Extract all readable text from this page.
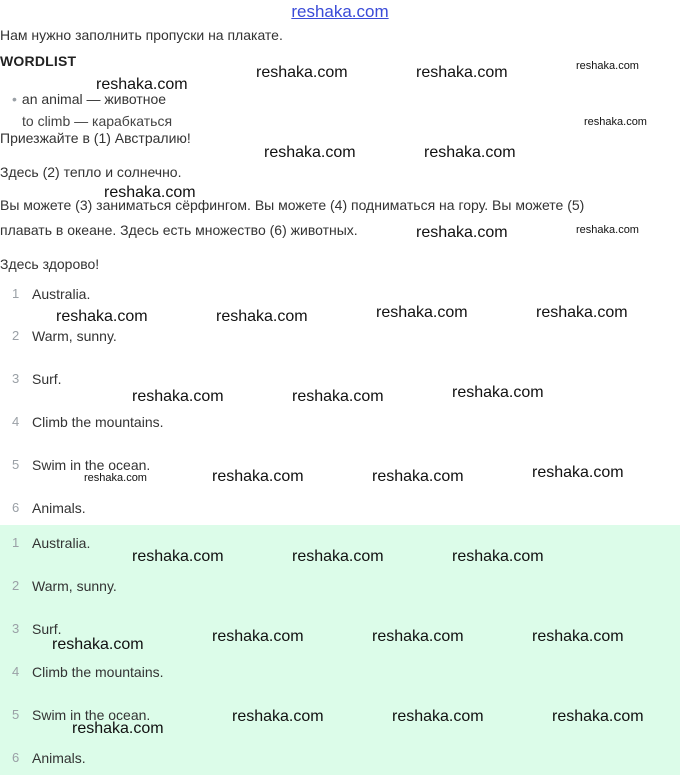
reshaka.com
Нам нужно заполнить пропуски на плакате.
WORDLIST
• an animal — животное
to climb — карабкаться
Приезжайте в (1) Австралию!
Здесь (2) тепло и солнечно.
Вы можете (3) заниматься сёрфингом. Вы можете (4) подниматься на гору. Вы можете (5)
плавать в океане. Здесь есть множество (6) животных.
Здесь здорово!
1 Australia.
2 Warm, sunny.
3 Surf.
4 Climb the mountains.
5 Swim in the ocean.
6 Animals.
1 Australia.
2 Warm, sunny.
3 Surf.
4 Climb the mountains.
5 Swim in the ocean.
6 Animals.
reshaka.com
reshaka.com	reshaka.com	reshaka.com
reshaka.com
reshaka.com	reshaka.com
reshaka.com
reshaka.com	reshaka.com
reshaka.com	reshaka.com	reshaka.com	reshaka.com
reshaka.com	reshaka.com	reshaka.com
reshaka.com	reshaka.com	reshaka.com	reshaka.com
reshaka.com	reshaka.com	reshaka.com
reshaka.com	reshaka.com	reshaka.com	reshaka.com
reshaka.com	reshaka.com	reshaka.com
reshaka.com
